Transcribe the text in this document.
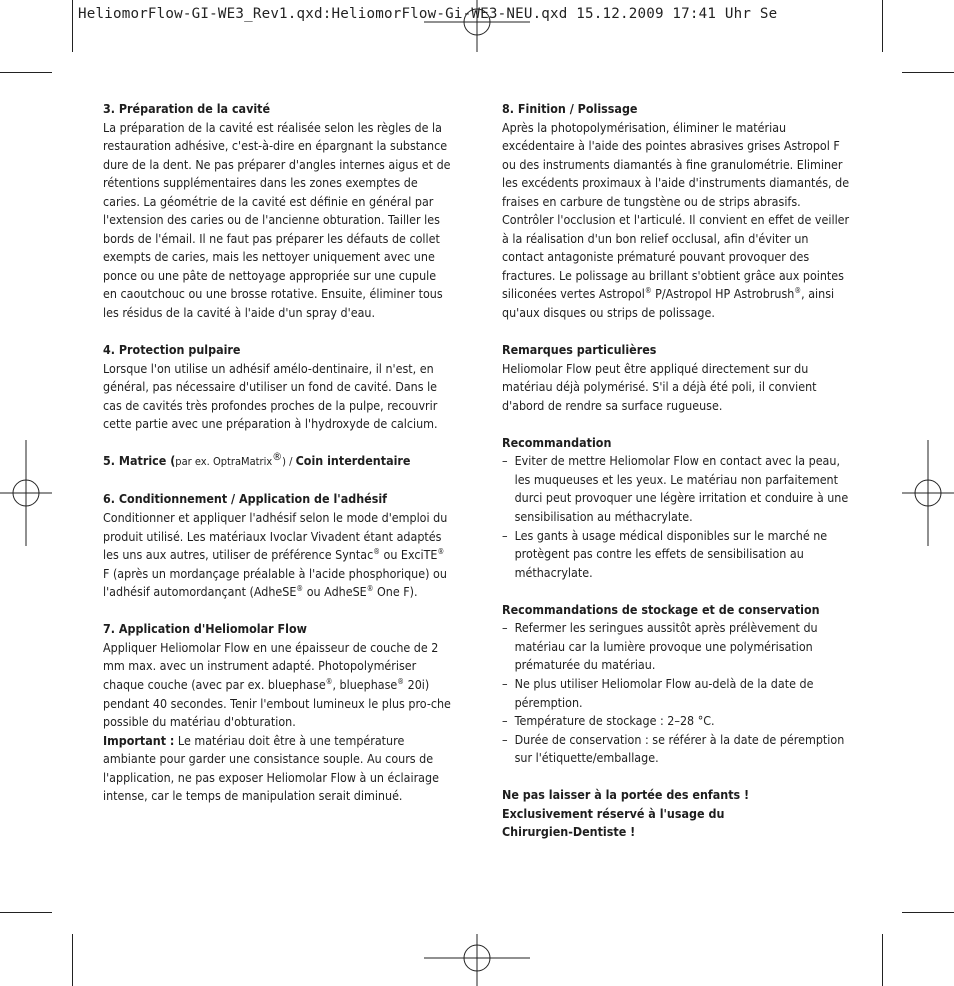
HeliomorFlow-GI-WE3_Rev1.qxd:HeliomorFlow-Gi-WE3-NEU.qxd 15.12.2009 17:41 Uhr Se

3. Préparation de la cavité
La préparation de la cavité est réalisée selon les règles de la restauration adhésive, c'est-à-dire en épargnant la substance dure de la dent. Ne pas préparer d'angles internes aigus et de rétentions supplémentaires dans les zones exemptes de caries. La géométrie de la cavité est définie en général par l'extension des caries ou de l'ancienne obturation. Tailler les bords de l'émail. Il ne faut pas préparer les défauts de collet exempts de caries, mais les nettoyer uniquement avec une ponce ou une pâte de nettoyage appropriée sur une cupule en caoutchouc ou une brosse rotative. Ensuite, éliminer tous les résidus de la cavité à l'aide d'un spray d'eau.

4. Protection pulpaire
Lorsque l'on utilise un adhésif amélo-dentinaire, il n'est, en général, pas nécessaire d'utiliser un fond de cavité. Dans le cas de cavités très profondes proches de la pulpe, recouvrir cette partie avec une préparation à l'hydroxyde de calcium.

5. Matrice (par ex. OptraMatrix®) / Coin interdentaire

6. Conditionnement / Application de l'adhésif
Conditionner et appliquer l'adhésif selon le mode d'emploi du produit utilisé. Les matériaux Ivoclar Vivadent étant adaptés les uns aux autres, utiliser de préférence Syntac® ou ExciTE® F (après un mordançage préalable à l'acide phosphorique) ou l'adhésif automordançant (AdheSE® ou AdheSE® One F).

7. Application d'Heliomolar Flow
Appliquer Heliomolar Flow en une épaisseur de couche de 2 mm max. avec un instrument adapté. Photopolymériser chaque couche (avec par ex. bluephase®, bluephase® 20i) pendant 40 secondes. Tenir l'embout lumineux le plus pro-che possible du matériau d'obturation.
Important : Le matériau doit être à une température ambiante pour garder une consistance souple. Au cours de l'application, ne pas exposer Heliomolar Flow à un éclairage intense, car le temps de manipulation serait diminué.

8. Finition / Polissage
Après la photopolymérisation, éliminer le matériau excédentaire à l'aide des pointes abrasives grises Astropol F ou des instruments diamantés à fine granulométrie. Eliminer les excédents proximaux à l'aide d'instruments diamantés, de fraises en carbure de tungstène ou de strips abrasifs. Contrôler l'occlusion et l'articulé. Il convient en effet de veiller à la réalisation d'un bon relief occlusal, afin d'éviter un contact antagoniste prématuré pouvant provoquer des fractures. Le polissage au brillant s'obtient grâce aux pointes siliconées vertes Astropol® P/Astropol HP Astrobrush®, ainsi qu'aux disques ou strips de polissage.

Remarques particulières
Heliomolar Flow peut être appliqué directement sur du matériau déjà polymérisé. S'il a déjà été poli, il convient d'abord de rendre sa surface rugueuse.

Recommandation
– Eviter de mettre Heliomolar Flow en contact avec la peau, les muqueuses et les yeux. Le matériau non parfaitement durci peut provoquer une légère irritation et conduire à une sensibilisation au méthacrylate.
– Les gants à usage médical disponibles sur le marché ne protègent pas contre les effets de sensibilisation au méthacrylate.
Recommandations de stockage et de conservation
– Refermer les seringues aussitôt après prélèvement du matériau car la lumière provoque une polymérisation prématurée du matériau.
– Ne plus utiliser Heliomolar Flow au-delà de la date de péremption.
– Température de stockage : 2–28 °C.
– Durée de conservation : se référer à la date de péremption sur l'étiquette/emballage.

Ne pas laisser à la portée des enfants !
Exclusivement réservé à l'usage du
Chirurgien-Dentiste !
